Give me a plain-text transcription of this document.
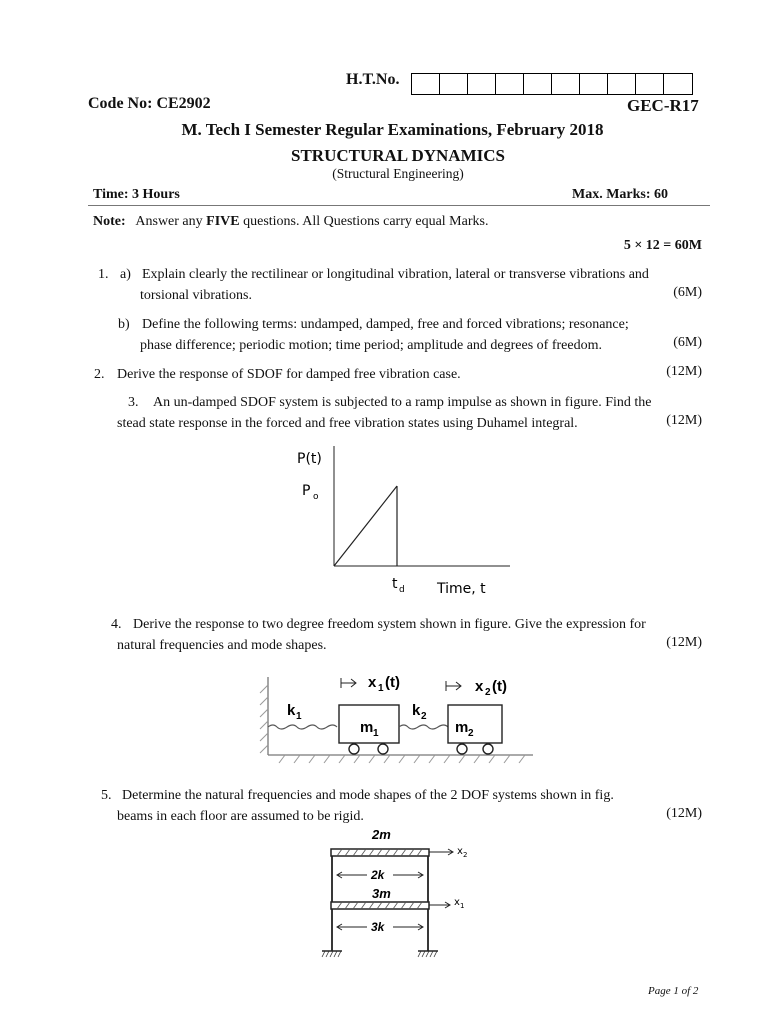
H.T.No.
Code No: CE2902	GEC-R17
M. Tech I Semester Regular Examinations, February 2018
STRUCTURAL DYNAMICS
(Structural Engineering)
Time: 3 Hours	Max. Marks: 60
Note: Answer any FIVE questions. All Questions carry equal Marks.
5 × 12 = 60M
1. a) Explain clearly the rectilinear or longitudinal vibration, lateral or transverse vibrations and
torsional vibrations.	(6M)
b) Define the following terms: undamped, damped, free and forced vibrations; resonance;
phase difference; periodic motion; time period; amplitude and degrees of freedom.	(6M)
2. Derive the response of SDOF for damped free vibration case.	(12M)
3. An un-damped SDOF system is subjected to a ramp impulse as shown in figure. Find the
stead state response in the forced and free vibration states using Duhamel integral.	(12M)
P(t)
P o
t d Time, t
4. Derive the response to two degree freedom system shown in figure. Give the expression for
natural frequencies and mode shapes.	(12M)
k 1	k 2
m 1	m 2
x 1 (t)	x 2 (t)
5. Determine the natural frequencies and mode shapes of the 2 DOF systems shown in fig.
beams in each floor are assumed to be rigid.	(12M)
2m
x 2
2k
3m
x 1
3k
Page 1 of 2
